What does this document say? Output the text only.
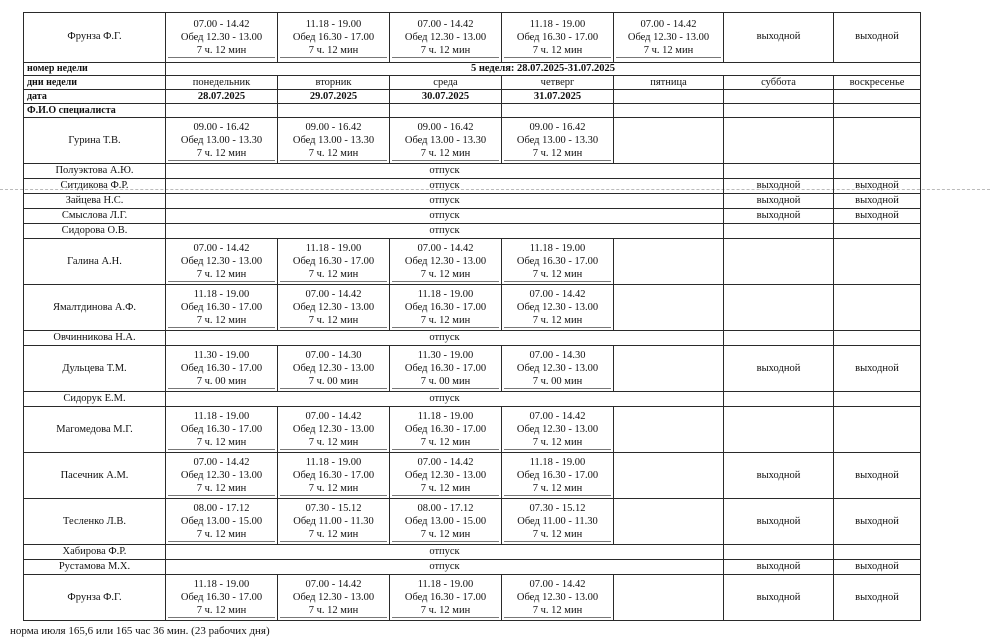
Фрунза Ф.Г.	07.00 - 14.42
Обед 12.30 - 13.00
7 ч. 12 мин	11.18 - 19.00
Обед 16.30 - 17.00
7 ч. 12 мин	07.00 - 14.42
Обед 12.30 - 13.00
7 ч. 12 мин	11.18 - 19.00
Обед 16.30 - 17.00
7 ч. 12 мин	07.00 - 14.42
Обед 12.30 - 13.00
7 ч. 12 мин	выходной	выходной
номер недели	5 неделя: 28.07.2025-31.07.2025						
дни недели	понедельник	вторник	среда	четверг	пятница	суббота	воскресенье
дата	28.07.2025	29.07.2025	30.07.2025	31.07.2025			
Ф.И.О специалиста							
Гурина Т.В.	09.00 - 16.42
Обед 13.00 - 13.30
7 ч. 12 мин	09.00 - 16.42
Обед 13.00 - 13.30
7 ч. 12 мин	09.00 - 16.42
Обед 13.00 - 13.30
7 ч. 12 мин	09.00 - 16.42
Обед 13.00 - 13.30
7 ч. 12 мин			

Полуэктова А.Ю.	отпуск						
Ситдикова Ф.Р.	отпуск					выходной	выходной
Зайцева Н.С.	отпуск					выходной	выходной
Смыслова Л.Г.	отпуск					выходной	выходной
Сидорова О.В.	отпуск						
Галина А.Н.	07.00 - 14.42
Обед 12.30 - 13.00
7 ч. 12 мин	11.18 - 19.00
Обед 16.30 - 17.00
7 ч. 12 мин	07.00 - 14.42
Обед 12.30 - 13.00
7 ч. 12 мин	11.18 - 19.00
Обед 16.30 - 17.00
7 ч. 12 мин			

Ямалтдинова А.Ф.	11.18 - 19.00
Обед 16.30 - 17.00
7 ч. 12 мин	07.00 - 14.42
Обед 12.30 - 13.00
7 ч. 12 мин	11.18 - 19.00
Обед 16.30 - 17.00
7 ч. 12 мин	07.00 - 14.42
Обед 12.30 - 13.00
7 ч. 12 мин			

Овчинникова Н.А.	отпуск						
Дульцева Т.М.	11.30 - 19.00
Обед 16.30 - 17.00
7 ч. 00 мин	07.00 - 14.30
Обед 12.30 - 13.00
7 ч. 00 мин	11.30 - 19.00
Обед 16.30 - 17.00
7 ч. 00 мин	07.00 - 14.30
Обед 12.30 - 13.00
7 ч. 00 мин		выходной	выходной
Сидорук Е.М.	отпуск						
Магомедова М.Г.	11.18 - 19.00
Обед 16.30 - 17.00
7 ч. 12 мин	07.00 - 14.42
Обед 12.30 - 13.00
7 ч. 12 мин	11.18 - 19.00
Обед 16.30 - 17.00
7 ч. 12 мин	07.00 - 14.42
Обед 12.30 - 13.00
7 ч. 12 мин			

Пасечник А.М.	07.00 - 14.42
Обед 12.30 - 13.00
7 ч. 12 мин	11.18 - 19.00
Обед 16.30 - 17.00
7 ч. 12 мин	07.00 - 14.42
Обед 12.30 - 13.00
7 ч. 12 мин	11.18 - 19.00
Обед 16.30 - 17.00
7 ч. 12 мин		выходной	выходной
Тесленко Л.В.	08.00 - 17.12
Обед 13.00 - 15.00
7 ч. 12 мин	07.30 - 15.12
Обед 11.00 - 11.30
7 ч. 12 мин	08.00 - 17.12
Обед 13.00 - 15.00
7 ч. 12 мин	07.30 - 15.12
Обед 11.00 - 11.30
7 ч. 12 мин		выходной	выходной
Хабирова Ф.Р.	отпуск						
Рустамова М.Х.	отпуск					выходной	выходной
Фрунза Ф.Г.	11.18 - 19.00
Обед 16.30 - 17.00
7 ч. 12 мин	07.00 - 14.42
Обед 12.30 - 13.00
7 ч. 12 мин	11.18 - 19.00
Обед 16.30 - 17.00
7 ч. 12 мин	07.00 - 14.42
Обед 12.30 - 13.00
7 ч. 12 мин		выходной	выходной
норма июля 165,6 или 165 час 36 мин. (23 рабочих дня)
